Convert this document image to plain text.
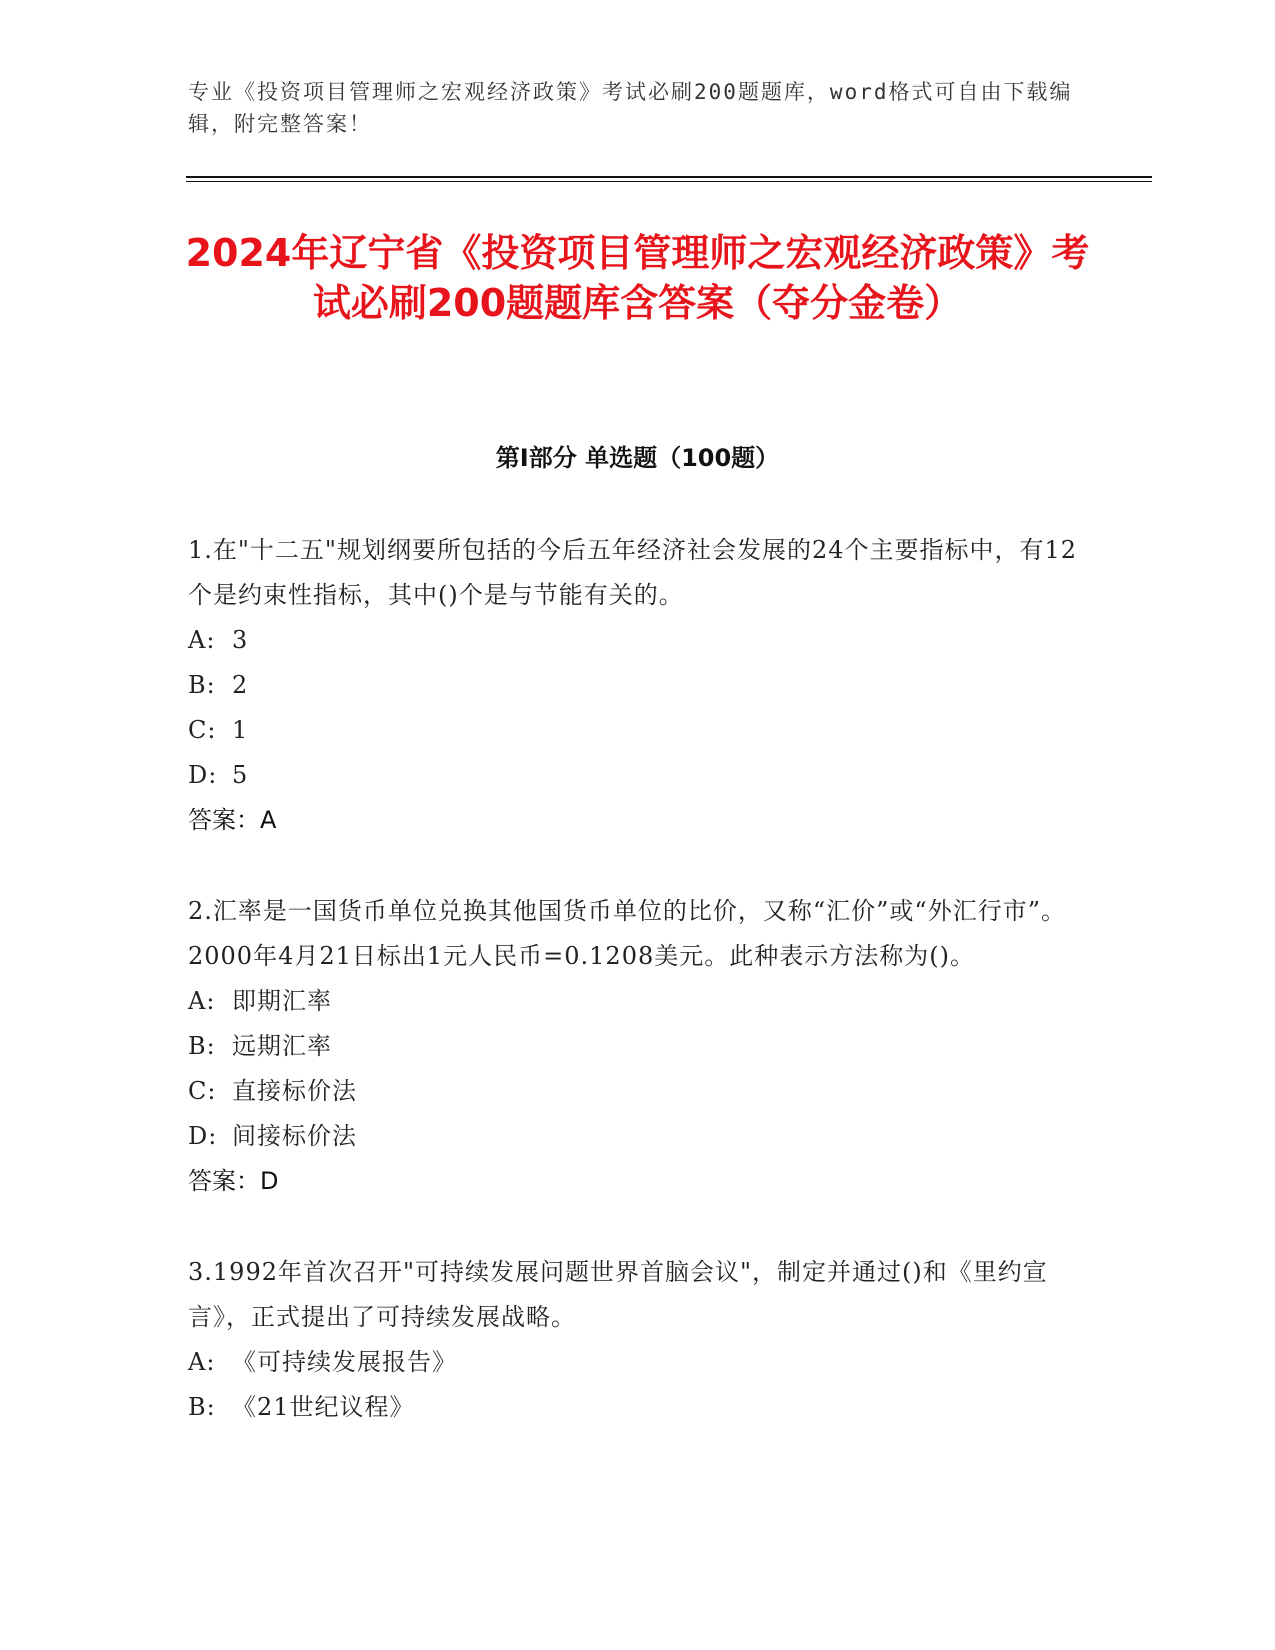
专业《投资项目管理师之宏观经济政策》考试必刷200题题库，word格式可自由下载编辑，附完整答案！
2024年辽宁省《投资项目管理师之宏观经济政策》考试必刷200题题库含答案（夺分金卷）
第I部分 单选题（100题）
1.在"十二五"规划纲要所包括的今后五年经济社会发展的24个主要指标中，有12个是约束性指标，其中()个是与节能有关的。
A: 3
B: 2
C: 1
D: 5
答案：A
2.汇率是一国货币单位兑换其他国货币单位的比价，又称“汇价”或“外汇行市”。2000年4月21日标出1元人民币=0.1208美元。此种表示方法称为()。
A: 即期汇率
B: 远期汇率
C: 直接标价法
D: 间接标价法
答案：D
3.1992年首次召开"可持续发展问题世界首脑会议"，制定并通过()和《里约宣言》，正式提出了可持续发展战略。
A: 《可持续发展报告》
B: 《21世纪议程》
